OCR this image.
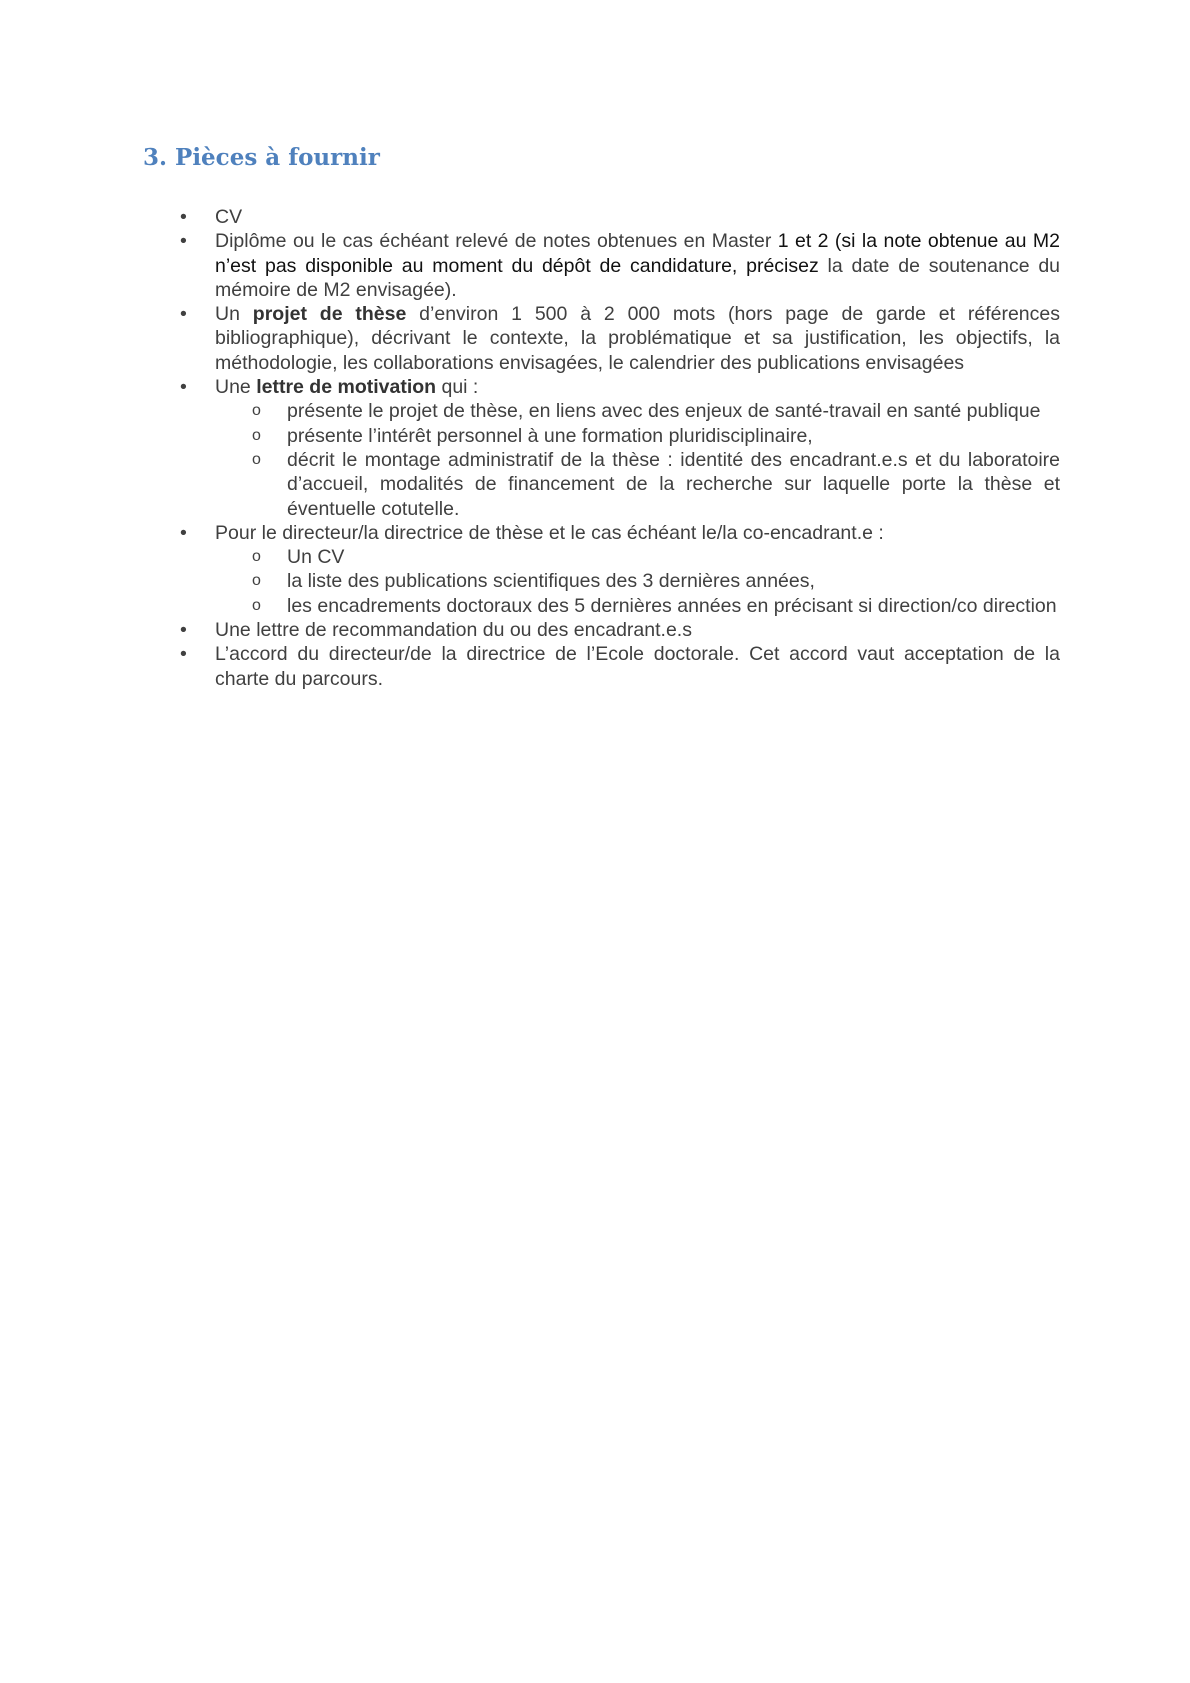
3. Pièces à fournir
• CV
• Diplôme ou le cas échéant relevé de notes obtenues en Master 1 et 2 (si la note obtenue au M2 n’est pas disponible au moment du dépôt de candidature, précisez la date de soutenance du mémoire de M2 envisagée).
• Un projet de thèse d’environ 1 500 à 2 000 mots (hors page de garde et références bibliographique), décrivant le contexte, la problématique et sa justification, les objectifs, la méthodologie, les collaborations envisagées, le calendrier des publications envisagées
• Une lettre de motivation qui :
o présente le projet de thèse, en liens avec des enjeux de santé-travail en santé publique
o présente l’intérêt personnel à une formation pluridisciplinaire,
o décrit le montage administratif de la thèse : identité des encadrant.e.s et du laboratoire d’accueil, modalités de financement de la recherche sur laquelle porte la thèse et éventuelle cotutelle.
• Pour le directeur/la directrice de thèse et le cas échéant le/la co-encadrant.e :
o Un CV
o la liste des publications scientifiques des 3 dernières années,
o les encadrements doctoraux des 5 dernières années en précisant si direction/co direction
• Une lettre de recommandation du ou des encadrant.e.s
• L’accord du directeur/de la directrice de l’Ecole doctorale. Cet accord vaut acceptation de la charte du parcours.
